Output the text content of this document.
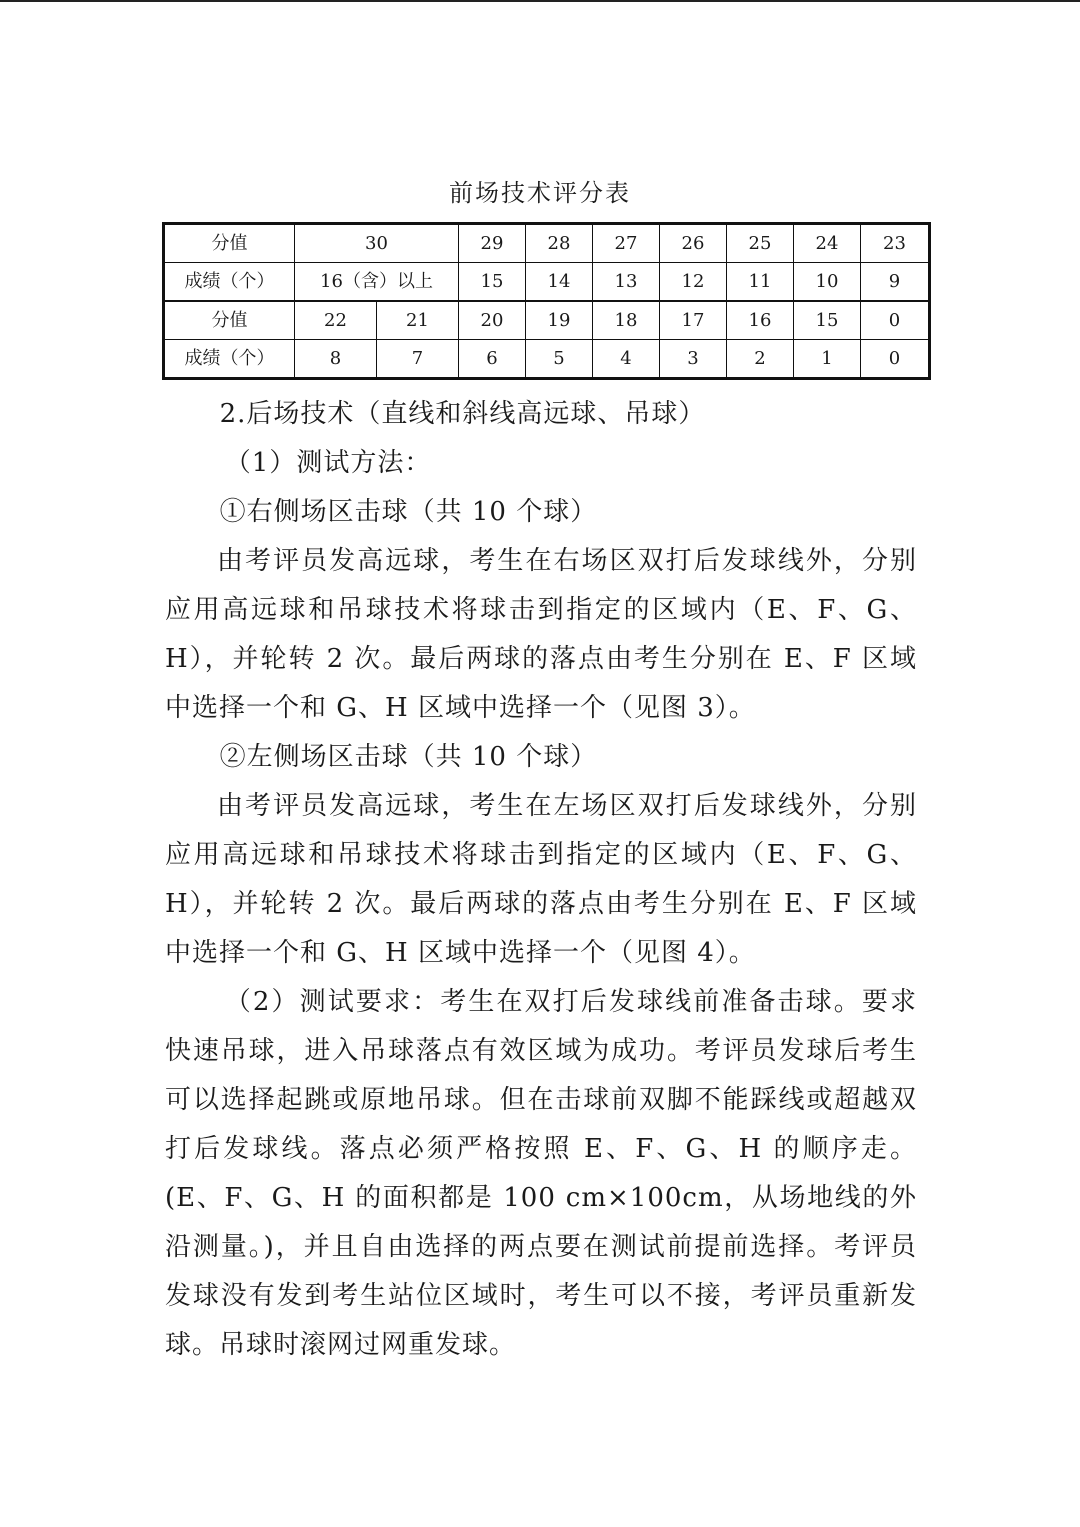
前场技术评分表
分值	30		29	28	27	26	25	24	23
成绩（个）	16（含）以上		15	14	13	12	11	10	9
分值	22	21	20	19	18	17	16	15	0
成绩（个）	8	7	6	5	4	3	2	1	0

2.后场技术（直线和斜线高远球、吊球）

（1）测试方法：

①右侧场区击球（共 10 个球）

由考评员发高远球，考生在右场区双打后发球线外，分别应用高远球和吊球技术将球击到指定的区域内（E、F、G、H），并轮转 2 次。最后两球的落点由考生分别在 E、F 区域中选择一个和 G、H 区域中选择一个（见图 3）。

②左侧场区击球（共 10 个球）

由考评员发高远球，考生在左场区双打后发球线外，分别应用高远球和吊球技术将球击到指定的区域内（E、F、G、H），并轮转 2 次。最后两球的落点由考生分别在 E、F 区域中选择一个和 G、H 区域中选择一个（见图 4）。

（2）测试要求：考生在双打后发球线前准备击球。要求快速吊球，进入吊球落点有效区域为成功。考评员发球后考生可以选择起跳或原地吊球。但在击球前双脚不能踩线或超越双打后发球线。落点必须严格按照 E、F、G、H 的顺序走。(E、F、G、H 的面积都是 100 cm×100cm，从场地线的外沿测量。)，并且自由选择的两点要在测试前提前选择。考评员发球没有发到考生站位区域时，考生可以不接，考评员重新发球。吊球时滚网过网重发球。
